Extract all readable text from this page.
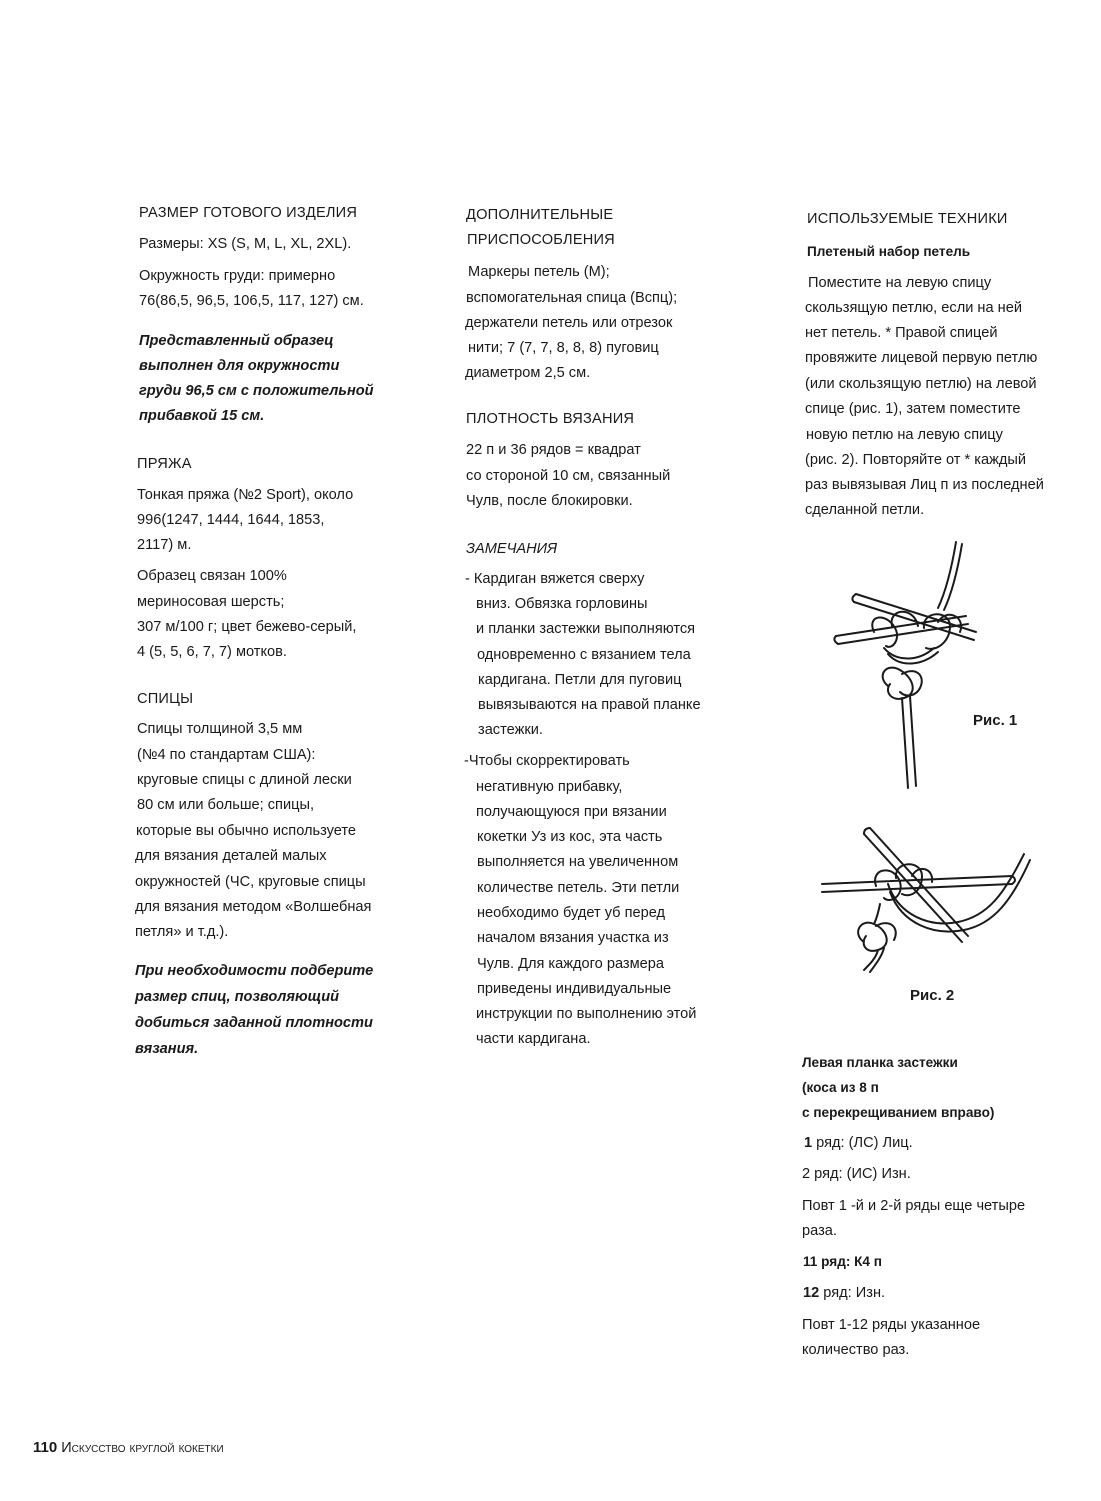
РАЗМЕР ГОТОВОГО ИЗДЕЛИЯ
Размеры: XS (S, M, L, XL, 2XL).
Окружность груди: примерно
76(86,5, 96,5, 106,5, 117, 127) см.
Представленный образец
выполнен для окружности
груди 96,5 см с положительной
прибавкой 15 см.
ПРЯЖА
Тонкая пряжа (№2 Sport), около
996(1247, 1444, 1644, 1853,
2117) м.
Образец связан 100%
мериносовая шерсть;
307 м/100 г; цвет бежево-серый,
4 (5, 5, 6, 7, 7) мотков.
СПИЦЫ
Спицы толщиной 3,5 мм
(№4 по стандартам США):
круговые спицы с длиной лески
80 см или больше; спицы,
которые вы обычно используете
для вязания деталей малых
окружностей (ЧС, круговые спицы
для вязания методом «Волшебная
петля» и т.д.).
При необходимости подберите
размер спиц, позволяющий
добиться заданной плотности
вязания.
ДОПОЛНИТЕЛЬНЫЕ
ПРИСПОСОБЛЕНИЯ
Маркеры петель (М);
вспомогательная спица (Вспц);
держатели петель или отрезок
нити; 7 (7, 7, 8, 8, 8) пуговиц
диаметром 2,5 см.
ПЛОТНОСТЬ ВЯЗАНИЯ
22 п и 36 рядов = квадрат
со стороной 10 см, связанный
Чулв, после блокировки.
ЗАМЕЧАНИЯ
- Кардиган вяжется сверху
вниз. Обвязка горловины
и планки застежки выполняются
одновременно с вязанием тела
кардигана. Петли для пуговиц
вывязываются на правой планке
застежки.
-Чтобы скорректировать
негативную прибавку,
получающуюся при вязании
кокетки Уз из кос, эта часть
выполняется на увеличенном
количестве петель. Эти петли
необходимо будет уб перед
началом вязания участка из
Чулв. Для каждого размера
приведены индивидуальные
инструкции по выполнению этой
части кардигана.
ИСПОЛЬЗУЕМЫЕ ТЕХНИКИ
Плетеный набор петель
Поместите на левую спицу
скользящую петлю, если на ней
нет петель. * Правой спицей
провяжите лицевой первую петлю
(или скользящую петлю) на левой
спице (рис. 1), затем поместите
новую петлю на левую спицу
(рис. 2). Повторяйте от * каждый
раз вывязывая Лиц п из последней
сделанной петли.
Левая планка застежки
(коса из 8 п
с перекрещиванием вправо)
1 ряд: (ЛС) Лиц.
2 ряд: (ИС) Изн.
Повт 1 -й и 2-й ряды еще четыре
раза.
11 ряд: К4 п
12 ряд: Изн.
Повт 1-12 ряды указанное
количество раз.
Рис. 1
Рис. 2
110 Искусство круглой кокетки
